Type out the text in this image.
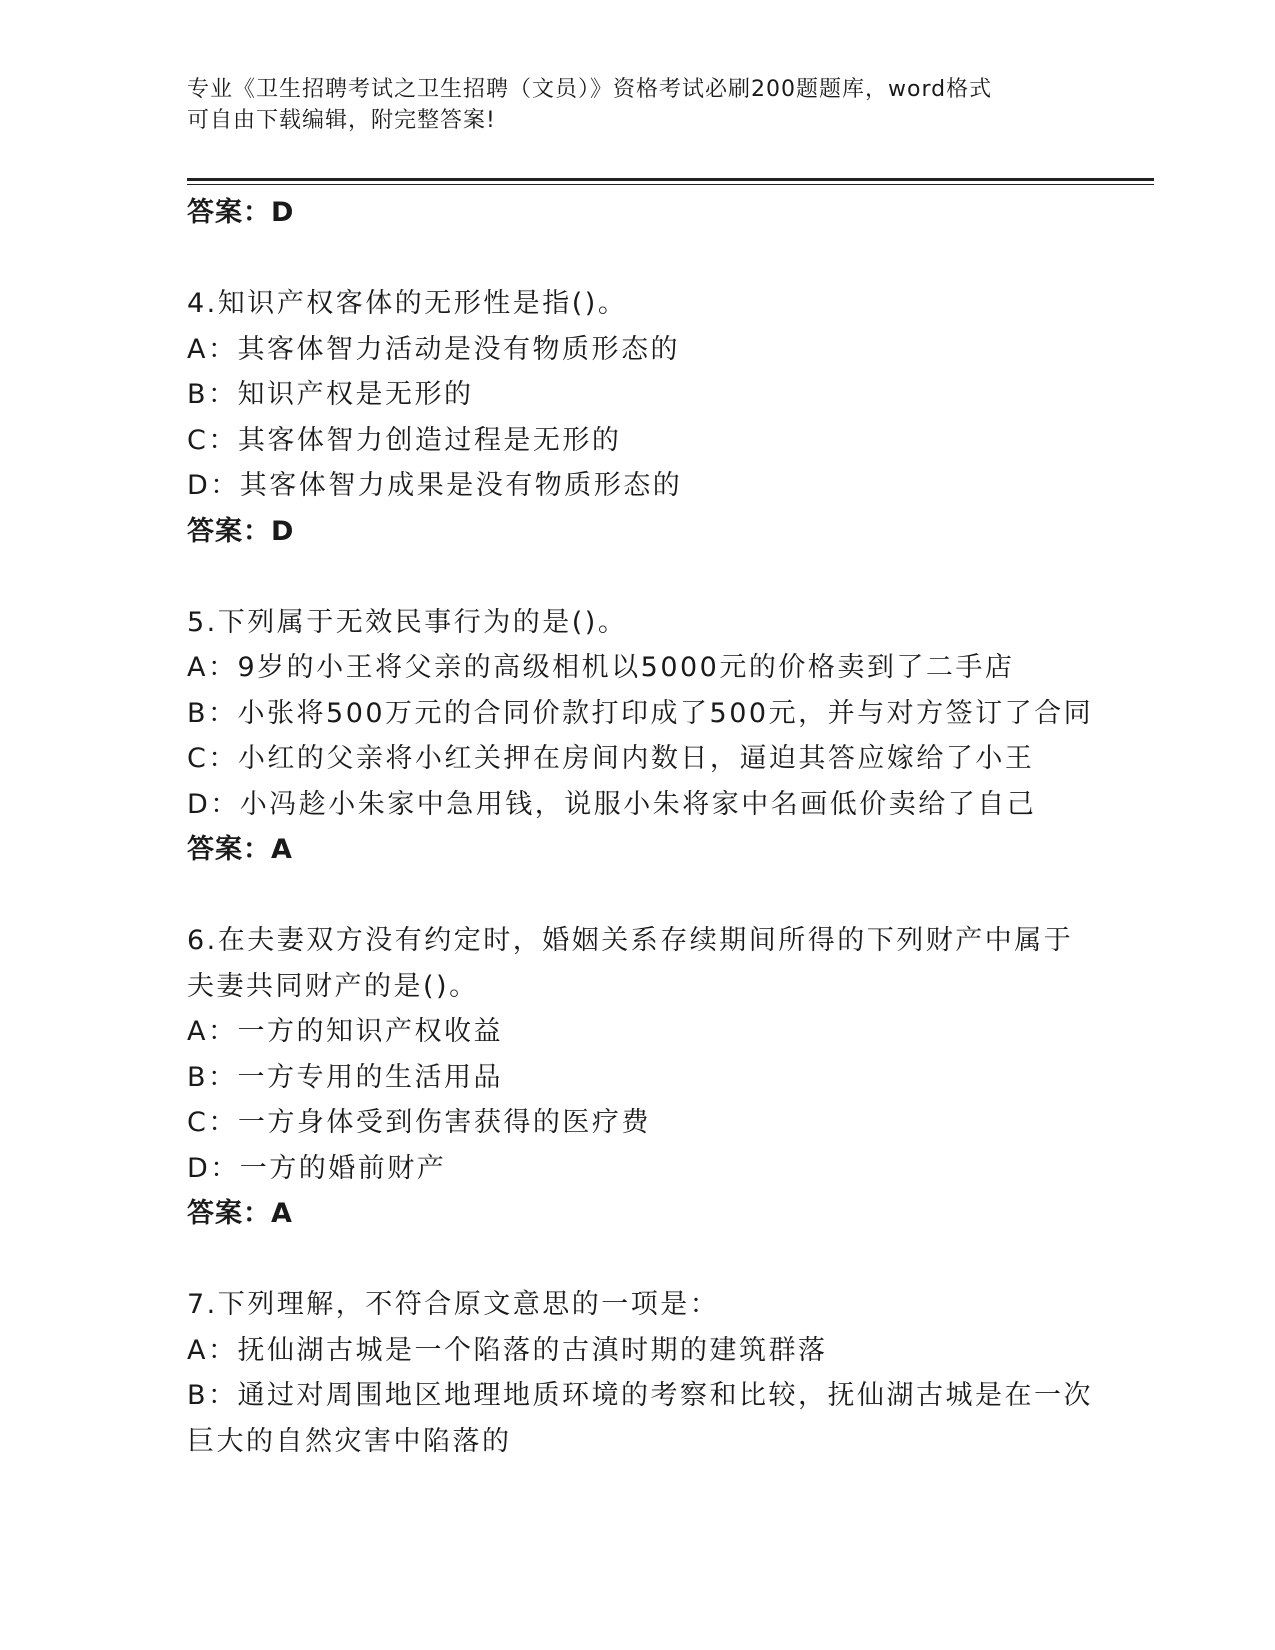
专业《卫生招聘考试之卫生招聘（文员）》资格考试必刷200题题库，word格式
可自由下载编辑，附完整答案!
答案：D
4.知识产权客体的无形性是指()。
A：其客体智力活动是没有物质形态的
B：知识产权是无形的
C：其客体智力创造过程是无形的
D：其客体智力成果是没有物质形态的
答案：D
5.下列属于无效民事行为的是()。
A：9岁的小王将父亲的高级相机以5000元的价格卖到了二手店
B：小张将500万元的合同价款打印成了500元，并与对方签订了合同
C：小红的父亲将小红关押在房间内数日，逼迫其答应嫁给了小王
D：小冯趁小朱家中急用钱，说服小朱将家中名画低价卖给了自己
答案：A
6.在夫妻双方没有约定时，婚姻关系存续期间所得的下列财产中属于
夫妻共同财产的是()。
A：一方的知识产权收益
B：一方专用的生活用品
C：一方身体受到伤害获得的医疗费
D：一方的婚前财产
答案：A
7.下列理解，不符合原文意思的一项是：
A：抚仙湖古城是一个陷落的古滇时期的建筑群落
B：通过对周围地区地理地质环境的考察和比较，抚仙湖古城是在一次
巨大的自然灾害中陷落的
